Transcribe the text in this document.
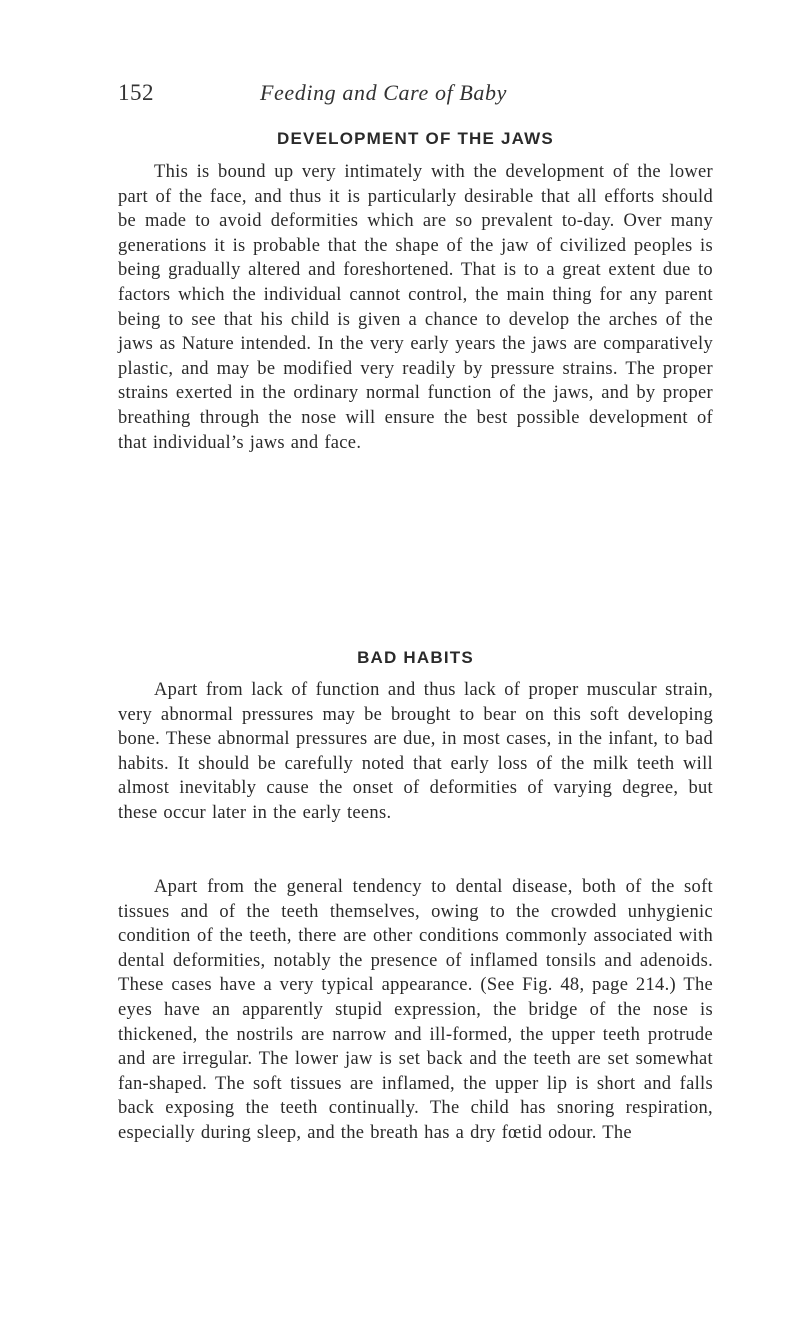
152	Feeding and Care of Baby
DEVELOPMENT OF THE JAWS

This is bound up very intimately with the development of the lower part of the face, and thus it is particularly desirable that all efforts should be made to avoid deformities which are so prevalent to-day. Over many generations it is probable that the shape of the jaw of civilized peoples is being gradually altered and foreshortened. That is to a great extent due to factors which the individual cannot control, the main thing for any parent being to see that his child is given a chance to develop the arches of the jaws as Nature intended. In the very early years the jaws are comparatively plastic, and may be modified very readily by pressure strains. The proper strains exerted in the ordinary normal function of the jaws, and by proper breathing through the nose will ensure the best possible development of that individual’s jaws and face.

BAD HABITS

Apart from lack of function and thus lack of proper muscular strain, very abnormal pressures may be brought to bear on this soft developing bone. These abnormal pressures are due, in most cases, in the infant, to bad habits. It should be carefully noted that early loss of the milk teeth will almost inevitably cause the onset of deformities of varying degree, but these occur later in the early teens.

Apart from the general tendency to dental disease, both of the soft tissues and of the teeth themselves, owing to the crowded unhygienic condition of the teeth, there are other conditions commonly associated with dental deformities, notably the presence of inflamed tonsils and adenoids. These cases have a very typical appearance. (See Fig. 48, page 214.) The eyes have an apparently stupid expression, the bridge of the nose is thickened, the nostrils are narrow and ill-formed, the upper teeth protrude and are irregular. The lower jaw is set back and the teeth are set somewhat fan-shaped. The soft tissues are inflamed, the upper lip is short and falls back exposing the teeth continually. The child has snoring respiration, especially during sleep, and the breath has a dry fœtid odour. The
